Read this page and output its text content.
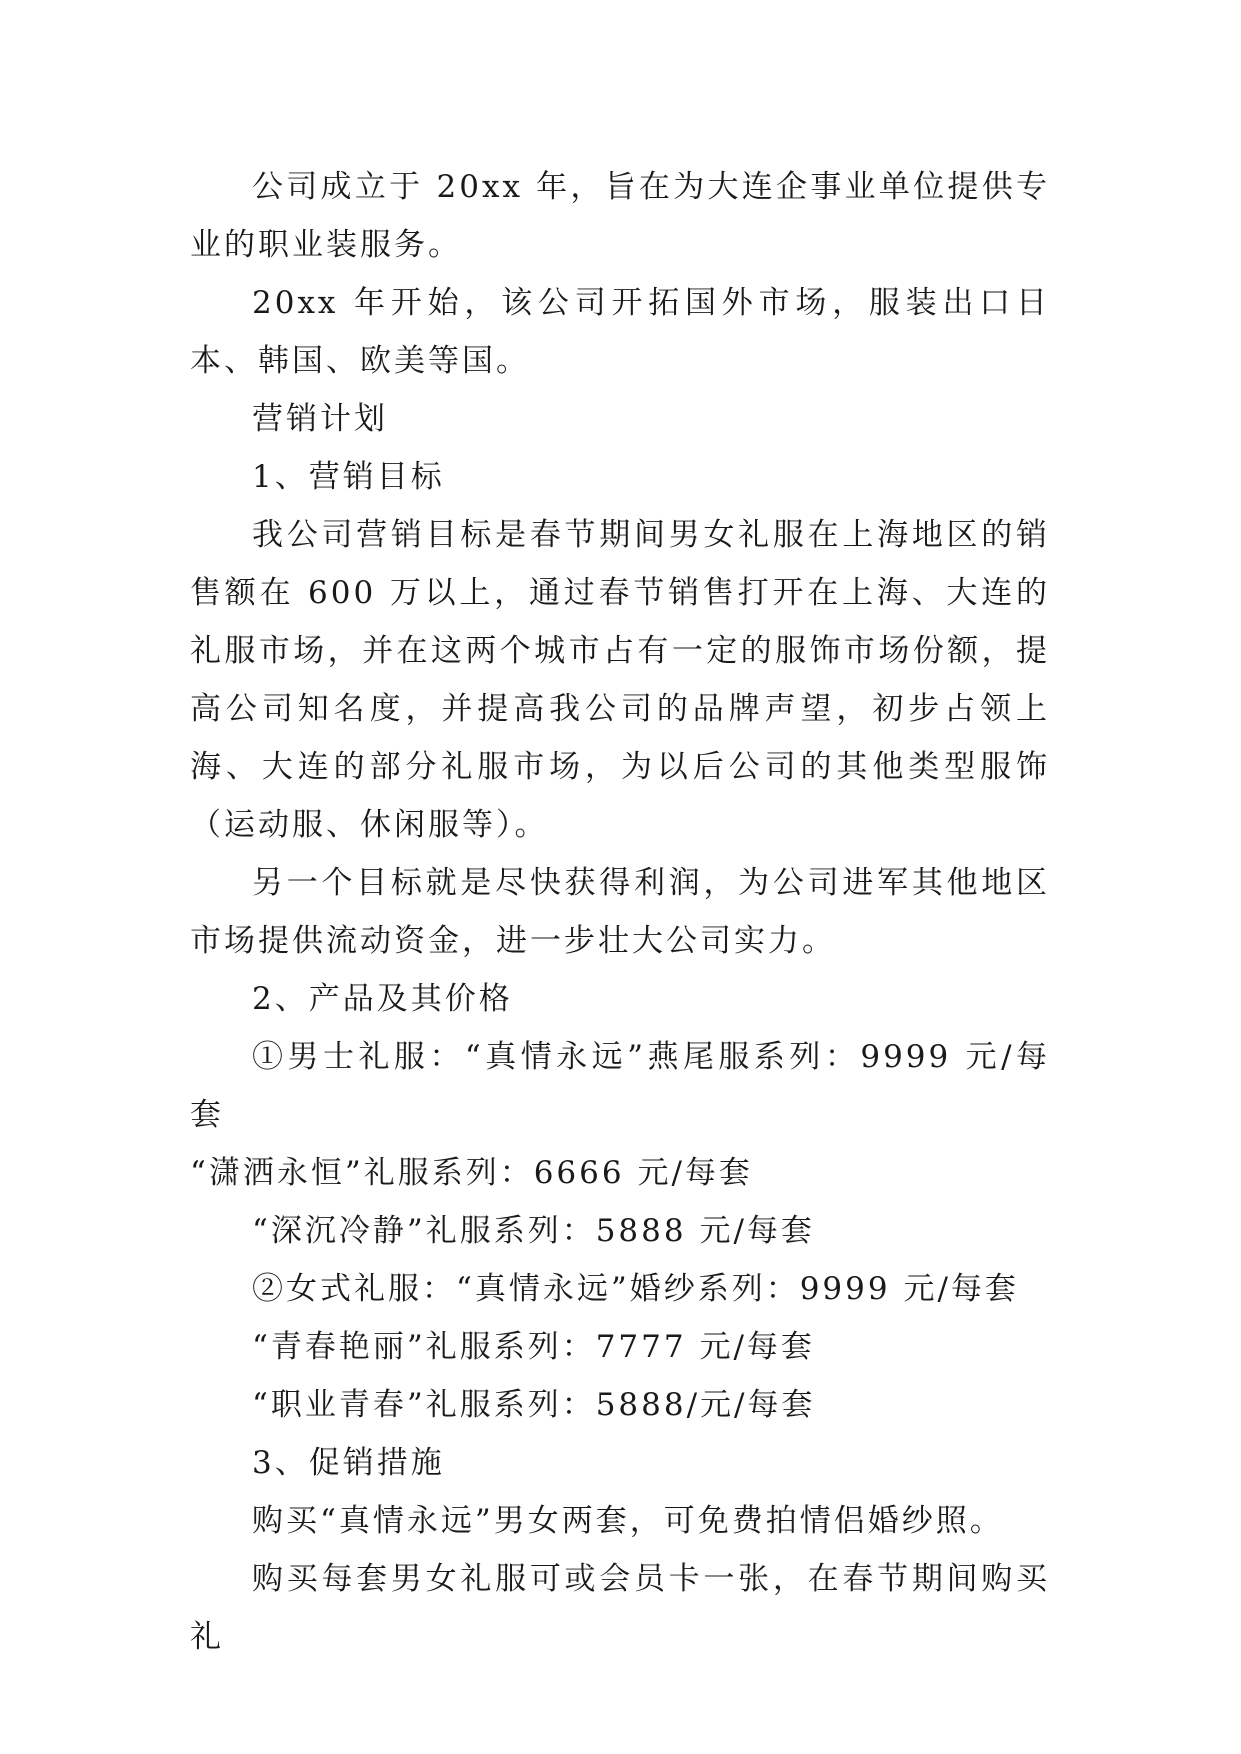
公司成立于 20xx 年，旨在为大连企事业单位提供专业的职业装服务。

20xx 年开始，该公司开拓国外市场，服装出口日本、韩国、欧美等国。

营销计划

1、营销目标

我公司营销目标是春节期间男女礼服在上海地区的销售额在 600 万以上，通过春节销售打开在上海、大连的礼服市场，并在这两个城市占有一定的服饰市场份额，提高公司知名度，并提高我公司的品牌声望，初步占领上海、大连的部分礼服市场，为以后公司的其他类型服饰（运动服、休闲服等）。

另一个目标就是尽快获得利润，为公司进军其他地区市场提供流动资金，进一步壮大公司实力。

2、产品及其价格

①男士礼服：“真情永远”燕尾服系列：9999 元/每套

“潇洒永恒”礼服系列：6666 元/每套

“深沉冷静”礼服系列：5888 元/每套

②女式礼服：“真情永远”婚纱系列：9999 元/每套

“青春艳丽”礼服系列：7777 元/每套

“职业青春”礼服系列：5888/元/每套

3、促销措施

购买“真情永远”男女两套，可免费拍情侣婚纱照。

购买每套男女礼服可或会员卡一张，在春节期间购买礼
